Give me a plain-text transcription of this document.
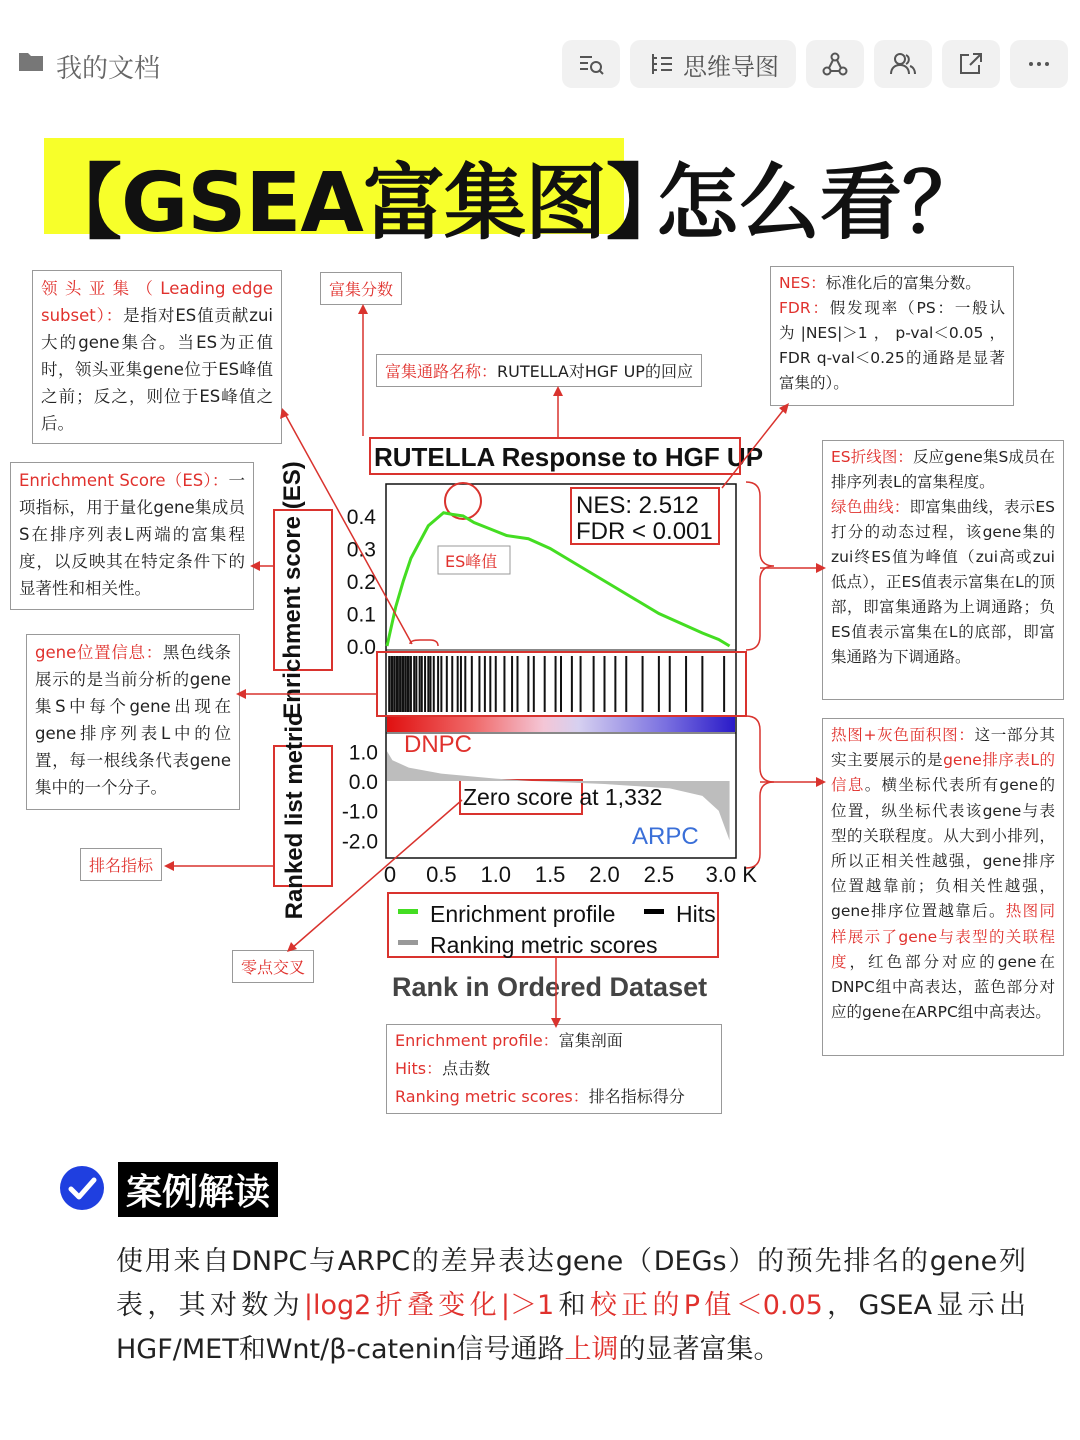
我的文档	思维导图
【GSEA富集图】
怎么看？
领 头 亚 集 （ Leading edge subset）：是指对ES值贡献zui大的gene集合。当ES为正值时，领头亚集gene位于ES峰值之前；反之，则位于ES峰值之后。
Enrichment Score（ES）：一项指标，用于量化gene集成员S在排序列表L两端的富集程度，以反映其在特定条件下的显著性和相关性。
gene位置信息：黑色线条展示的是当前分析的gene集S中每个gene出现在gene排序列表L中的位置，每一根线条代表gene集中的一个分子。
排名指标
零点交叉
富集分数
富集通路名称：RUTELLA对HGF UP的回应
NES：标准化后的富集分数。
FDR：假发现率（PS：一般认为|NES|＞1，p-val＜0.05，FDR q-val＜0.25的通路是显著富集的）。
ES折线图：反应gene集S成员在排序列表L的富集程度。
绿色曲线：即富集曲线，表示ES打分的动态过程，该gene集的zui终ES值为峰值（zui高或zui低点），正ES值表示富集在L的顶部，即富集通路为上调通路；负ES值表示富集在L的底部，即富集通路为下调通路。
热图+灰色面积图：这一部分其实主要展示的是gene排序表L的信息。横坐标代表所有gene的位置，纵坐标代表该gene与表型的关联程度。从大到小排列，所以正相关性越强，gene排序位置越靠前；负相关性越强，gene排序位置越靠后。热图同样展示了gene与表型的关联程度，红色部分对应的gene在DNPC组中高表达，蓝色部分对应的gene在ARPC组中高表达。
Enrichment profile：富集剖面
Hits：点击数
Ranking metric scores：排名指标得分
RUTELLA Response to HGF UP
NES: 2.512
FDR < 0.001
ES峰值
DNPC
ARPC
Zero score at 1,332
Enrichment score (ES)
Ranked list metric
Rank in Ordered Dataset
Enrichment profile	Hits
Ranking metric scores
0.4
0.3
0.2
0.1
0.0
1.0
0.0
-1.0
-2.0
0 0.5 1.0 1.5 2.0 2.5 3.0 K
案例解读
使用来自DNPC与ARPC的差异表达gene（DEGs）的预先排名的gene列表，其对数为|log2折叠变化|＞1和校正的P值＜0.05，GSEA显示出HGF/MET和Wnt/β-catenin信号通路上调的显著富集。
